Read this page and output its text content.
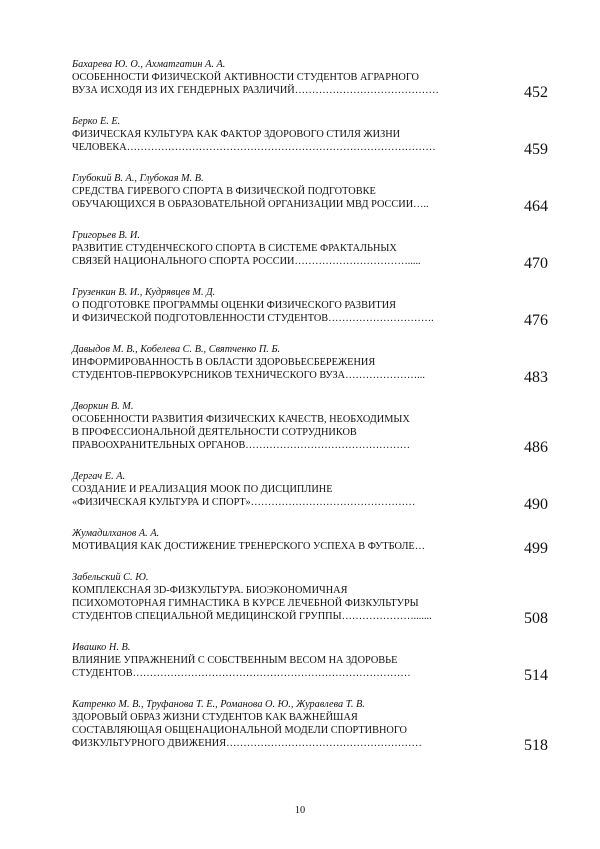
Бахарева Ю. О., Ахматгатин А. А.
ОСОБЕННОСТИ ФИЗИЧЕСКОЙ АКТИВНОСТИ СТУДЕНТОВ АГРАРНОГО
ВУЗА ИСХОДЯ ИЗ ИХ ГЕНДЕРНЫХ РАЗЛИЧИЙ……………………………………	452
Берко Е. Е.
ФИЗИЧЕСКАЯ КУЛЬТУРА КАК ФАКТОР ЗДОРОВОГО СТИЛЯ ЖИЗНИ
ЧЕЛОВЕКА………………………………………………………………………………	459
Глубокий В. А., Глубокая М. В.
СРЕДСТВА ГИРЕВОГО СПОРТА В ФИЗИЧЕСКОЙ ПОДГОТОВКЕ
ОБУЧАЮЩИХСЯ В ОБРАЗОВАТЕЛЬНОЙ ОРГАНИЗАЦИИ МВД РОССИИ…..	464
Григорьев В. И.
РАЗВИТИЕ СТУДЕНЧЕСКОГО СПОРТА В СИСТЕМЕ ФРАКТАЛЬНЫХ
СВЯЗЕЙ НАЦИОНАЛЬНОГО СПОРТА РОССИИ…………………………….....	470
Грузенкин В. И., Кудрявцев М. Д.
О ПОДГОТОВКЕ ПРОГРАММЫ ОЦЕНКИ ФИЗИЧЕСКОГО РАЗВИТИЯ
И ФИЗИЧЕСКОЙ ПОДГОТОВЛЕННОСТИ СТУДЕНТОВ………………………….	476
Давыдов М. В., Кобелева С. В., Святченко П. Б.
ИНФОРМИРОВАННОСТЬ В ОБЛАСТИ ЗДОРОВЬЕСБЕРЕЖЕНИЯ
СТУДЕНТОВ-ПЕРВОКУРСНИКОВ ТЕХНИЧЕСКОГО ВУЗА…………………...	483
Дворкин В. М.
ОСОБЕННОСТИ РАЗВИТИЯ ФИЗИЧЕСКИХ КАЧЕСТВ, НЕОБХОДИМЫХ
В ПРОФЕССИОНАЛЬНОЙ ДЕЯТЕЛЬНОСТИ СОТРУДНИКОВ
ПРАВООХРАНИТЕЛЬНЫХ ОРГАНОВ…………………………………………	486
Дергач Е. А.
СОЗДАНИЕ И РЕАЛИЗАЦИЯ МООК ПО ДИСЦИПЛИНЕ
«ФИЗИЧЕСКАЯ КУЛЬТУРА И СПОРТ»…………………………………………	490
Жумадилханов А. А.
МОТИВАЦИЯ КАК ДОСТИЖЕНИЕ ТРЕНЕРСКОГО УСПЕХА В ФУТБОЛЕ…	499
Забельский С. Ю.
КОМПЛЕКСНАЯ 3D-ФИЗКУЛЬТУРА. БИОЭКОНОМИЧНАЯ
ПСИХОМОТОРНАЯ ГИМНАСТИКА В КУРСЕ ЛЕЧЕБНОЙ ФИЗКУЛЬТУРЫ
СТУДЕНТОВ СПЕЦИАЛЬНОЙ МЕДИЦИНСКОЙ ГРУППЫ………………….......	508
Ивашко Н. В.
ВЛИЯНИЕ УПРАЖНЕНИЙ С СОБСТВЕННЫМ ВЕСОМ НА ЗДОРОВЬЕ
СТУДЕНТОВ………………………………………………………………………	514
Катренко М. В., Труфанова Т. Е., Романова О. Ю., Журавлева Т. В.
ЗДОРОВЫЙ ОБРАЗ ЖИЗНИ СТУДЕНТОВ КАК ВАЖНЕЙШАЯ
СОСТАВЛЯЮЩАЯ ОБЩЕНАЦИОНАЛЬНОЙ МОДЕЛИ СПОРТИВНОГО
ФИЗКУЛЬТУРНОГО ДВИЖЕНИЯ…………………………………………………	518
10
